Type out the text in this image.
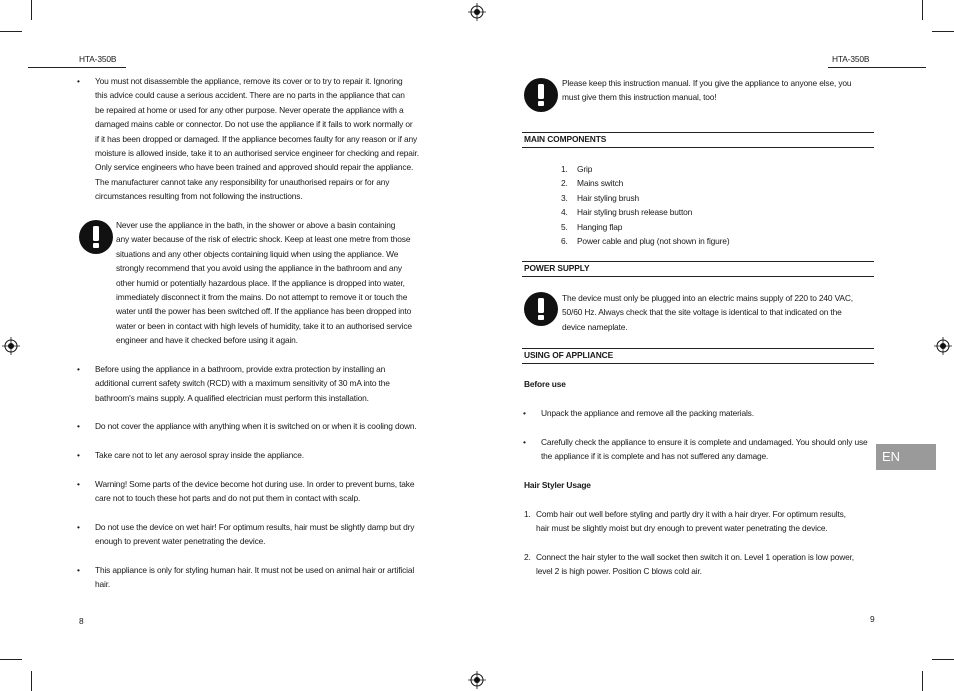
HTA-350B	HTA-350B
• You must not disassemble the appliance, remove its cover or to try to repair it. Ignoring
this advice could cause a serious accident. There are no parts in the appliance that can
be repaired at home or used for any other purpose. Never operate the appliance with a
damaged mains cable or connector. Do not use the appliance if it fails to work normally or
if it has been dropped or damaged. If the appliance becomes faulty for any reason or if any
moisture is allowed inside, take it to an authorised service engineer for checking and repair.
Only service engineers who have been trained and approved should repair the appliance.
The manufacturer cannot take any responsibility for unauthorised repairs or for any
circumstances resulting from not following the instructions.
Never use the appliance in the bath, in the shower or above a basin containing
any water because of the risk of electric shock. Keep at least one metre from those
situations and any other objects containing liquid when using the appliance. We
strongly recommend that you avoid using the appliance in the bathroom and any
other humid or potentially hazardous place. If the appliance is dropped into water,
immediately disconnect it from the mains. Do not attempt to remove it or touch the
water until the power has been switched off. If the appliance has been dropped into
water or been in contact with high levels of humidity, take it to an authorised service
engineer and have it checked before using it again.
• Before using the appliance in a bathroom, provide extra protection by installing an
additional current safety switch (RCD) with a maximum sensitivity of 30 mA into the
bathroom's mains supply. A qualified electrician must perform this installation.
• Do not cover the appliance with anything when it is switched on or when it is cooling down.
• Take care not to let any aerosol spray inside the appliance.
• Warning! Some parts of the device become hot during use. In order to prevent burns, take
care not to touch these hot parts and do not put them in contact with scalp.
• Do not use the device on wet hair! For optimum results, hair must be slightly damp but dry
enough to prevent water penetrating the device.
• This appliance is only for styling human hair. It must not be used on animal hair or artificial
hair.
8
Please keep this instruction manual. If you give the appliance to anyone else, you
must give them this instruction manual, too!
MAIN COMPONENTS
1.	Grip
2.	Mains switch
3.	Hair styling brush
4.	Hair styling brush release button
5.	Hanging flap
6.	Power cable and plug (not shown in figure)
POWER SUPPLY
The device must only be plugged into an electric mains supply of 220 to 240 VAC,
50/60 Hz. Always check that the site voltage is identical to that indicated on the
device nameplate.
USING OF APPLIANCE
Before use
• Unpack the appliance and remove all the packing materials.
• Carefully check the appliance to ensure it is complete and undamaged. You should only use
the appliance if it is complete and has not suffered any damage.
Hair Styler Usage
1. Comb hair out well before styling and partly dry it with a hair dryer. For optimum results,
hair must be slightly moist but dry enough to prevent water penetrating the device.
2. Connect the hair styler to the wall socket then switch it on. Level 1 operation is low power,
level 2 is high power. Position C blows cold air.
9
EN
